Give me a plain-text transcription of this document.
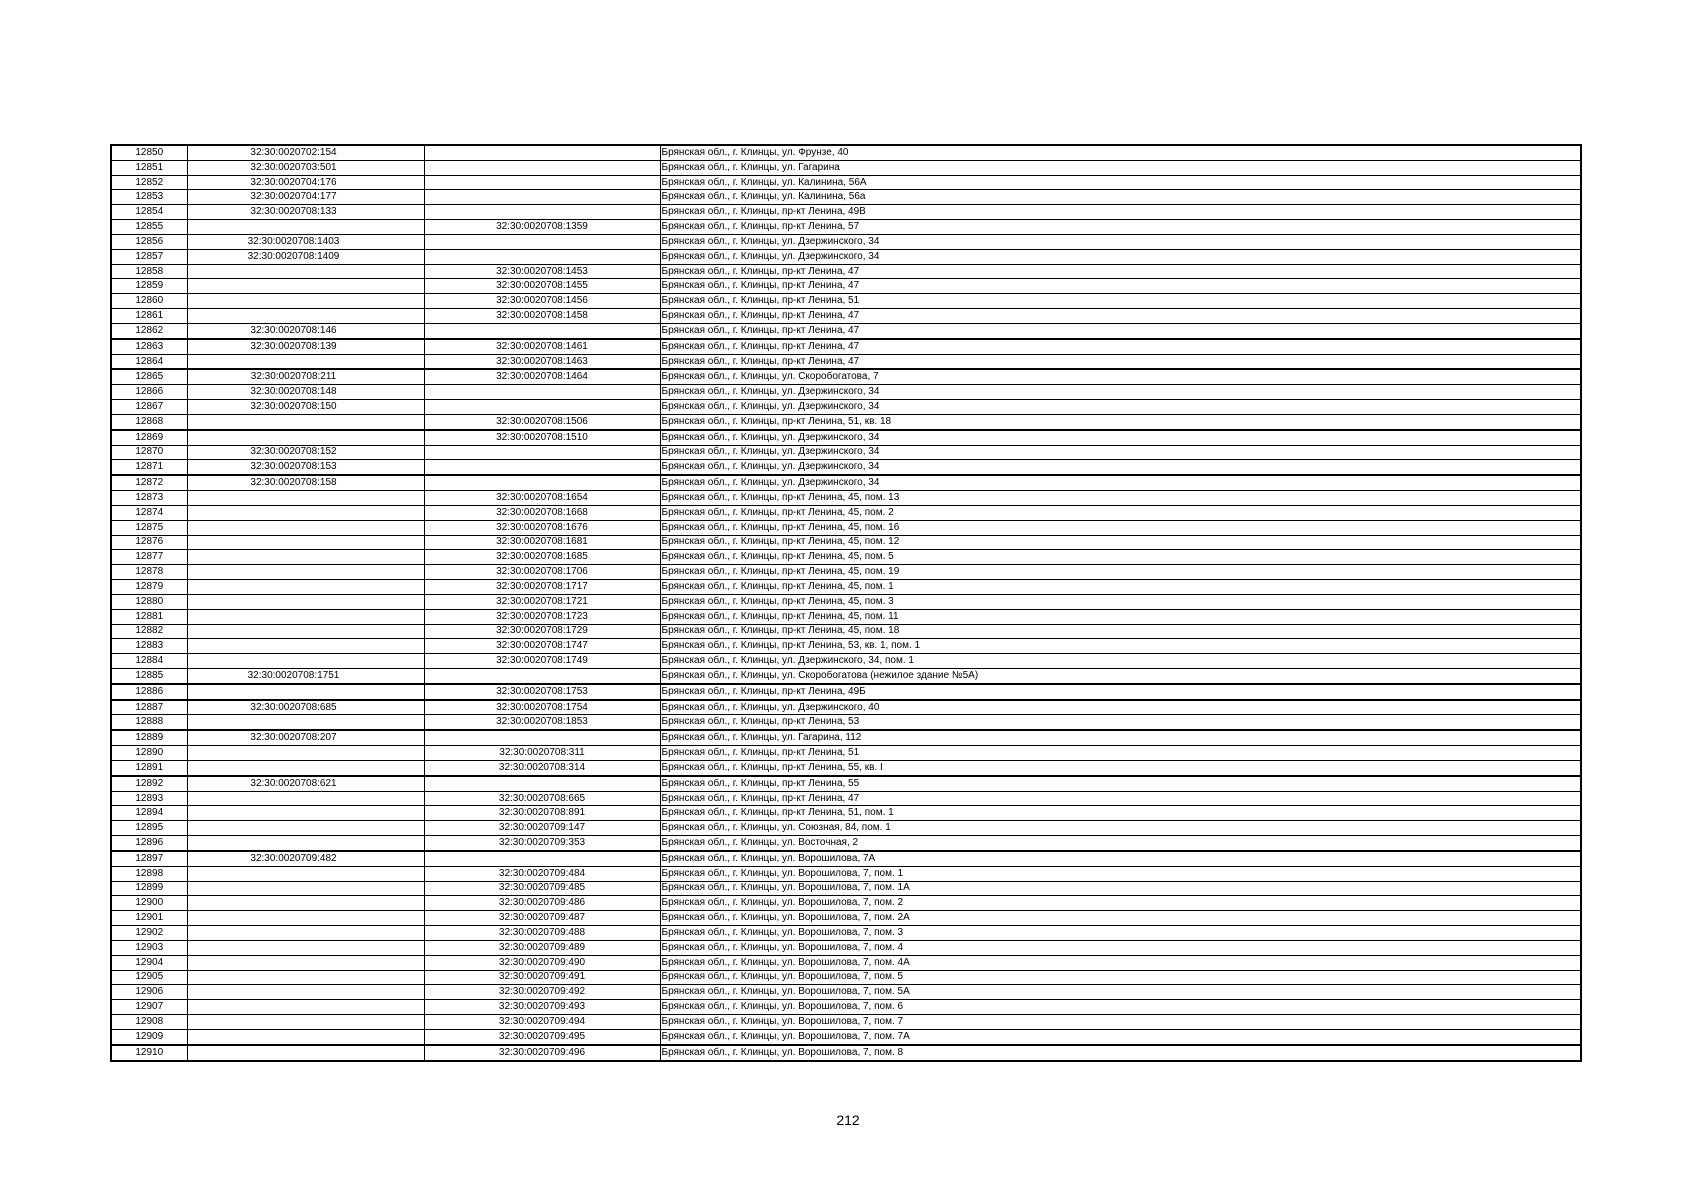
12850	32:30:0020702:154		Брянская обл., г. Клинцы, ул. Фрунзе, 40
12851	32:30:0020703:501		Брянская обл., г. Клинцы, ул. Гагарина
12852	32:30:0020704:176		Брянская обл., г. Клинцы, ул. Калинина, 56А
12853	32:30:0020704:177		Брянская обл., г. Клинцы, ул. Калинина, 56а
12854	32:30:0020708:133		Брянская обл., г. Клинцы, пр-кт Ленина, 49В
12855		32:30:0020708:1359	Брянская обл., г. Клинцы, пр-кт Ленина, 57
12856	32:30:0020708:1403		Брянская обл., г. Клинцы, ул. Дзержинского, 34
12857	32:30:0020708:1409		Брянская обл., г. Клинцы, ул. Дзержинского, 34
12858		32:30:0020708:1453	Брянская обл., г. Клинцы, пр-кт Ленина, 47
12859		32:30:0020708:1455	Брянская обл., г. Клинцы, пр-кт Ленина, 47
12860		32:30:0020708:1456	Брянская обл., г. Клинцы, пр-кт Ленина, 51
12861		32:30:0020708:1458	Брянская обл., г. Клинцы, пр-кт Ленина, 47
12862	32:30:0020708:146		Брянская обл., г. Клинцы, пр-кт Ленина, 47
12863	32:30:0020708:139	32:30:0020708:1461	Брянская обл., г. Клинцы, пр-кт Ленина, 47
12864		32:30:0020708:1463	Брянская обл., г. Клинцы, пр-кт Ленина, 47
12865	32:30:0020708:211	32:30:0020708:1464	Брянская обл., г. Клинцы, ул. Скоробогатова, 7
12866	32:30:0020708:148		Брянская обл., г. Клинцы, ул. Дзержинского, 34
12867	32:30:0020708:150		Брянская обл., г. Клинцы, ул. Дзержинского, 34
12868		32:30:0020708:1506	Брянская обл., г. Клинцы, пр-кт Ленина, 51, кв. 18
12869		32:30:0020708:1510	Брянская обл., г. Клинцы, ул. Дзержинского, 34
12870	32:30:0020708:152		Брянская обл., г. Клинцы, ул. Дзержинского, 34
12871	32:30:0020708:153		Брянская обл., г. Клинцы, ул. Дзержинского, 34
12872	32:30:0020708:158		Брянская обл., г. Клинцы, ул. Дзержинского, 34
12873		32:30:0020708:1654	Брянская обл., г. Клинцы, пр-кт Ленина, 45, пом. 13
12874		32:30:0020708:1668	Брянская обл., г. Клинцы, пр-кт Ленина, 45, пом. 2
12875		32:30:0020708:1676	Брянская обл., г. Клинцы, пр-кт Ленина, 45, пом. 16
12876		32:30:0020708:1681	Брянская обл., г. Клинцы, пр-кт Ленина, 45, пом. 12
12877		32:30:0020708:1685	Брянская обл., г. Клинцы, пр-кт Ленина, 45, пом. 5
12878		32:30:0020708:1706	Брянская обл., г. Клинцы, пр-кт Ленина, 45, пом. 19
12879		32:30:0020708:1717	Брянская обл., г. Клинцы, пр-кт Ленина, 45, пом. 1
12880		32:30:0020708:1721	Брянская обл., г. Клинцы, пр-кт Ленина, 45, пом. 3
12881		32:30:0020708:1723	Брянская обл., г. Клинцы, пр-кт Ленина, 45, пом. 11
12882		32:30:0020708:1729	Брянская обл., г. Клинцы, пр-кт Ленина, 45, пом. 18
12883		32:30:0020708:1747	Брянская обл., г. Клинцы, пр-кт Ленина, 53, кв. 1, пом. 1
12884		32:30:0020708:1749	Брянская обл., г. Клинцы, ул. Дзержинского, 34, пом. 1
12885	32:30:0020708:1751		Брянская обл., г. Клинцы, ул. Скоробогатова (нежилое здание №5А)
12886		32:30:0020708:1753	Брянская обл., г. Клинцы, пр-кт Ленина, 49Б
12887	32:30:0020708:685	32:30:0020708:1754	Брянская обл., г. Клинцы, ул. Дзержинского, 40
12888		32:30:0020708:1853	Брянская обл., г. Клинцы, пр-кт Ленина, 53
12889	32:30:0020708:207		Брянская обл., г. Клинцы, ул. Гагарина, 112
12890		32:30:0020708:311	Брянская обл., г. Клинцы, пр-кт Ленина, 51
12891		32:30:0020708:314	Брянская обл., г. Клинцы, пр-кт Ленина, 55, кв. I
12892	32:30:0020708:621		Брянская обл., г. Клинцы, пр-кт Ленина, 55
12893		32:30:0020708:665	Брянская обл., г. Клинцы, пр-кт Ленина, 47
12894		32:30:0020708:891	Брянская обл., г. Клинцы, пр-кт Ленина, 51, пом. 1
12895		32:30:0020709:147	Брянская обл., г. Клинцы, ул. Союзная, 84, пом. 1
12896		32:30:0020709:353	Брянская обл., г. Клинцы, ул. Восточная, 2
12897	32:30:0020709:482		Брянская обл., г. Клинцы, ул. Ворошилова, 7А
12898		32:30:0020709:484	Брянская обл., г. Клинцы, ул. Ворошилова, 7, пом. 1
12899		32:30:0020709:485	Брянская обл., г. Клинцы, ул. Ворошилова, 7, пом. 1А
12900		32:30:0020709:486	Брянская обл., г. Клинцы, ул. Ворошилова, 7, пом. 2
12901		32:30:0020709:487	Брянская обл., г. Клинцы, ул. Ворошилова, 7, пом. 2А
12902		32:30:0020709:488	Брянская обл., г. Клинцы, ул. Ворошилова, 7, пом. 3
12903		32:30:0020709:489	Брянская обл., г. Клинцы, ул. Ворошилова, 7, пом. 4
12904		32:30:0020709:490	Брянская обл., г. Клинцы, ул. Ворошилова, 7, пом. 4А
12905		32:30:0020709:491	Брянская обл., г. Клинцы, ул. Ворошилова, 7, пом. 5
12906		32:30:0020709:492	Брянская обл., г. Клинцы, ул. Ворошилова, 7, пом. 5А
12907		32:30:0020709:493	Брянская обл., г. Клинцы, ул. Ворошилова, 7, пом. 6
12908		32:30:0020709:494	Брянская обл., г. Клинцы, ул. Ворошилова, 7, пом. 7
12909		32:30:0020709:495	Брянская обл., г. Клинцы, ул. Ворошилова, 7, пом. 7А
12910		32:30:0020709:496	Брянская обл., г. Клинцы, ул. Ворошилова, 7, пом. 8
212
